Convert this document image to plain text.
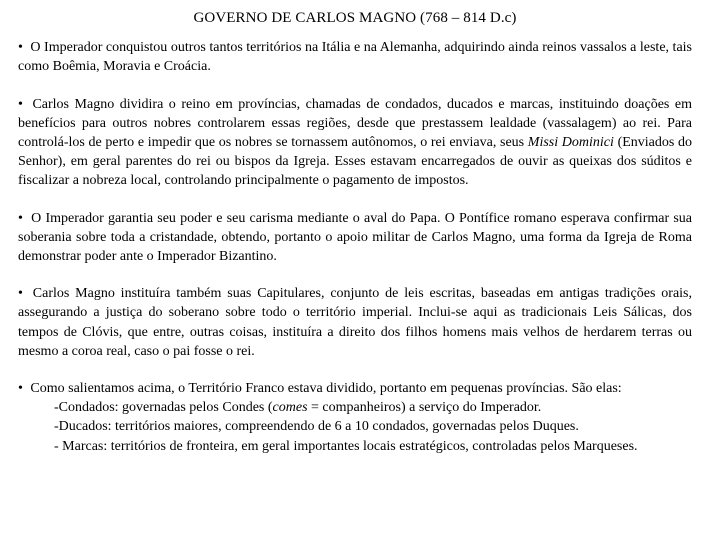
GOVERNO DE CARLOS MAGNO (768 – 814 D.c)

• O Imperador conquistou outros tantos territórios na Itália e na Alemanha, adquirindo ainda reinos vassalos a leste, tais como Boêmia, Moravia e Croácia.

• Carlos Magno dividira o reino em províncias, chamadas de condados, ducados e marcas, instituindo doações em benefícios para outros nobres controlarem essas regiões, desde que prestassem lealdade (vassalagem) ao rei. Para controlá-los de perto e impedir que os nobres se tornassem autônomos, o rei enviava, seus Missi Dominici (Enviados do Senhor), em geral parentes do rei ou bispos da Igreja. Esses estavam encarregados de ouvir as queixas dos súditos e fiscalizar a nobreza local, controlando principalmente o pagamento de impostos.

• O Imperador garantia seu poder e seu carisma mediante o aval do Papa. O Pontífice romano esperava confirmar sua soberania sobre toda a cristandade, obtendo, portanto o apoio militar de Carlos Magno, uma forma da Igreja de Roma demonstrar poder ante o Imperador Bizantino.

• Carlos Magno instituíra também suas Capitulares, conjunto de leis escritas, baseadas em antigas tradições orais, assegurando a justiça do soberano sobre todo o território imperial. Inclui-se aqui as tradicionais Leis Sálicas, dos tempos de Clóvis, que entre, outras coisas, instituíra a direito dos filhos homens mais velhos de herdarem terras ou mesmo a coroa real, caso o pai fosse o rei.

• Como salientamos acima, o Território Franco estava dividido, portanto em pequenas províncias. São elas:
-Condados: governadas pelos Condes (comes = companheiros) a serviço do Imperador.
-Ducados: territórios maiores, compreendendo de 6 a 10 condados, governadas pelos Duques.
- Marcas: territórios de fronteira, em geral importantes locais estratégicos, controladas pelos Marqueses.
